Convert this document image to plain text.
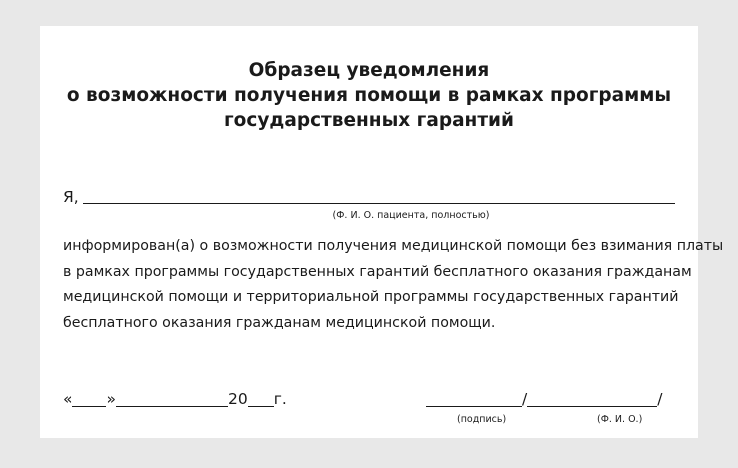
Образец уведомления
о возможности получения помощи в рамках программы
государственных гарантий
Я,
(Ф. И. О. пациента, полностью)

информирован(а) о возможности получения медицинской помощи без взимания платы
в рамках программы государственных гарантий бесплатного оказания гражданам
медицинской помощи и территориальной программы государственных гарантий
бесплатного оказания гражданам медицинской помощи.

« »	20 г.	/	/
(подпись)	(Ф. И. О.)
